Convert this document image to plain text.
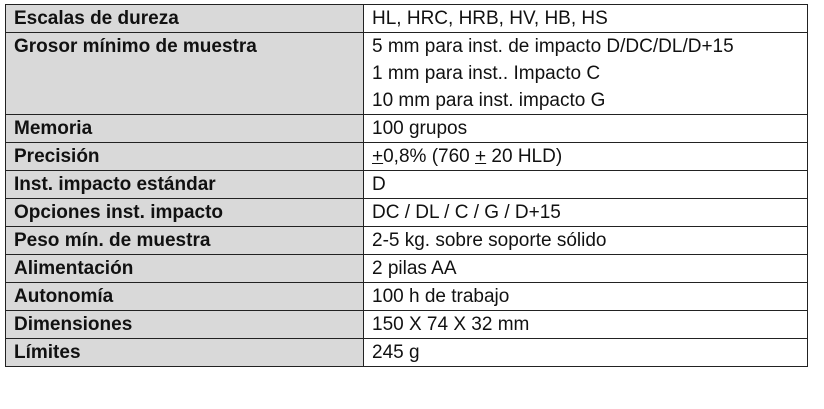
Escalas de dureza	HL, HRC, HRB, HV, HB, HS

Grosor mínimo de muestra	5 mm para inst. de impacto D/DC/DL/D+15
1 mm para inst.. Impacto C
10 mm para inst. impacto G

Memoria	100 grupos

Precisión	+0,8% (760 + 20 HLD)

Inst. impacto estándar	D

Opciones inst. impacto	DC / DL / C / G / D+15

Peso mín. de muestra	2-5 kg. sobre soporte sólido

Alimentación	2 pilas AA

Autonomía	100 h de trabajo

Dimensiones	150 X 74 X 32 mm

Límites	245 g
